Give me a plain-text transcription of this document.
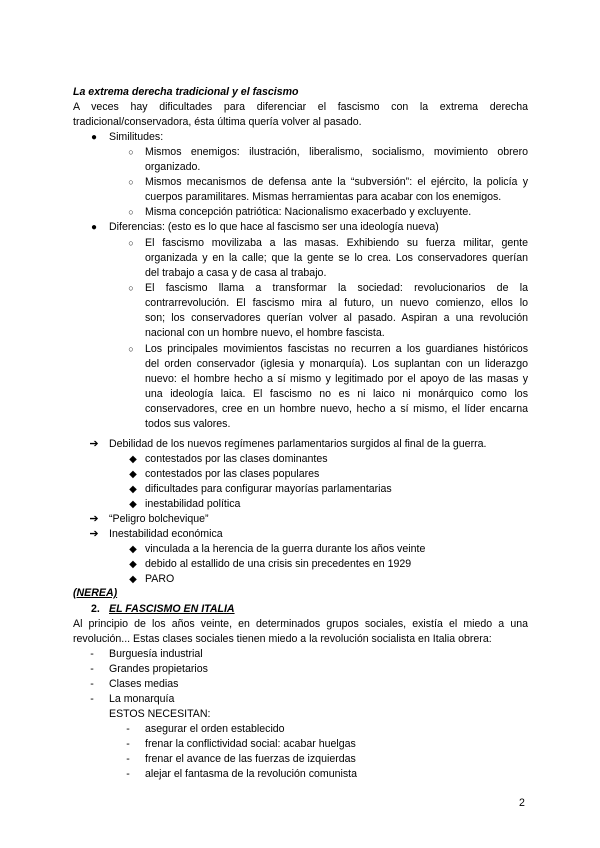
La extrema derecha tradicional y el fascismo
A veces hay dificultades para diferenciar el fascismo con la extrema derecha
tradicional/conservadora, ésta última quería volver al pasado.
● Similitudes:
○	Mismos enemigos: ilustración, liberalismo, socialismo, movimiento obrero
organizado.
○	Mismos mecanismos de defensa ante la “subversión”: el ejército, la policía y
cuerpos paramilitares. Mismas herramientas para acabar con los enemigos.
○	Misma concepción patriótica: Nacionalismo exacerbado y excluyente.
● Diferencias: (esto es lo que hace al fascismo ser una ideología nueva)
○	El fascismo movilizaba a las masas. Exhibiendo su fuerza militar, gente
organizada y en la calle; que la gente se lo crea. Los conservadores querían
del trabajo a casa y de casa al trabajo.
○	El fascismo llama a transformar la sociedad: revolucionarios de la
contrarrevolución. El fascismo mira al futuro, un nuevo comienzo, ellos lo
son; los conservadores querían volver al pasado. Aspiran a una revolución
nacional con un hombre nuevo, el hombre fascista.
○	Los principales movimientos fascistas no recurren a los guardianes históricos
del orden conservador (iglesia y monarquía). Los suplantan con un liderazgo
nuevo: el hombre hecho a sí mismo y legitimado por el apoyo de las masas y
una ideología laica. El fascismo no es ni laico ni monárquico como los
conservadores, cree en un hombre nuevo, hecho a sí mismo, el líder encarna
todos sus valores.
➔ Debilidad de los nuevos regímenes parlamentarios surgidos al final de la guerra.
◆ contestados por las clases dominantes
◆ contestados por las clases populares
◆ dificultades para configurar mayorías parlamentarias
◆ inestabilidad política
➔ “Peligro bolchevique”
➔ Inestabilidad económica
◆ vinculada a la herencia de la guerra durante los años veinte
◆ debido al estallido de una crisis sin precedentes en 1929
◆ PARO
(NEREA)
2. EL FASCISMO EN ITALIA
Al principio de los años veinte, en determinados grupos sociales, existía el miedo a una
revolución... Estas clases sociales tienen miedo a la revolución socialista en Italia obrera:
-	Burguesía industrial
-	Grandes propietarios
-	Clases medias
-	La monarquía
ESTOS NECESITAN:
-	asegurar el orden establecido
-	frenar la conflictividad social: acabar huelgas
-	frenar el avance de las fuerzas de izquierdas
-	alejar el fantasma de la revolución comunista
2
